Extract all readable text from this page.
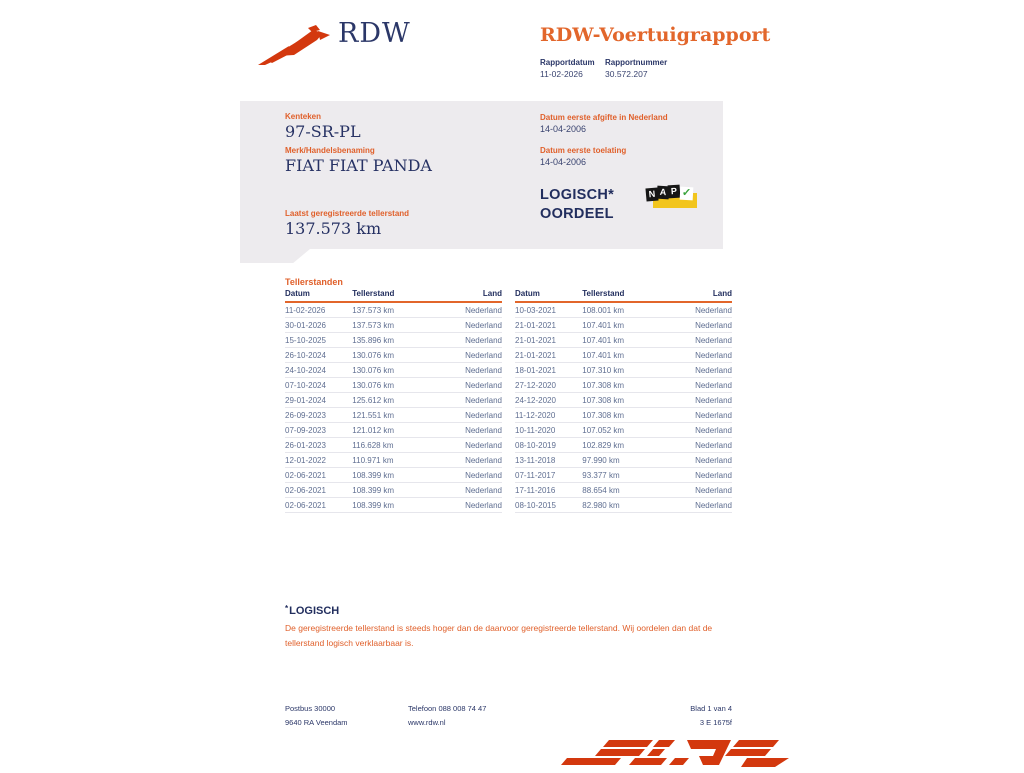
RDW	RDW-Voertuigrapport
Rapportdatum Rapportnummer
11-02-2026	30.572.207
Kenteken
97-SR-PL
Merk/Handelsbenaming
FIAT FIAT PANDA
Laatst geregistreerde tellerstand
137.573 km
Datum eerste afgifte in Nederland
14-04-2006
Datum eerste toelating
14-04-2006
LOGISCH*
OORDEEL
N A P ✓
Tellerstanden
Datum	Tellerstand	Land
11-02-2026	137.573 km	Nederland
30-01-2026	137.573 km	Nederland
15-10-2025	135.896 km	Nederland
26-10-2024	130.076 km	Nederland
24-10-2024	130.076 km	Nederland
07-10-2024	130.076 km	Nederland
29-01-2024	125.612 km	Nederland
26-09-2023	121.551 km	Nederland
07-09-2023	121.012 km	Nederland
26-01-2023	116.628 km	Nederland
12-01-2022	110.971 km	Nederland
02-06-2021	108.399 km	Nederland
02-06-2021	108.399 km	Nederland
02-06-2021	108.399 km	Nederland
Datum	Tellerstand	Land
10-03-2021	108.001 km	Nederland
21-01-2021	107.401 km	Nederland
21-01-2021	107.401 km	Nederland
21-01-2021	107.401 km	Nederland
18-01-2021	107.310 km	Nederland
27-12-2020	107.308 km	Nederland
24-12-2020	107.308 km	Nederland
11-12-2020	107.308 km	Nederland
10-11-2020	107.052 km	Nederland
08-10-2019	102.829 km	Nederland
13-11-2018	97.990 km	Nederland
07-11-2017	93.377 km	Nederland
17-11-2016	88.654 km	Nederland
08-10-2015	82.980 km	Nederland
*LOGISCH
De geregistreerde tellerstand is steeds hoger dan de daarvoor geregistreerde tellerstand. Wij oordelen dan dat de tellerstand logisch verklaarbaar is.
Postbus 30000
9640 RA Veendam
Telefoon 088 008 74 47
www.rdw.nl
Blad 1 van 4
3 E 1675f
